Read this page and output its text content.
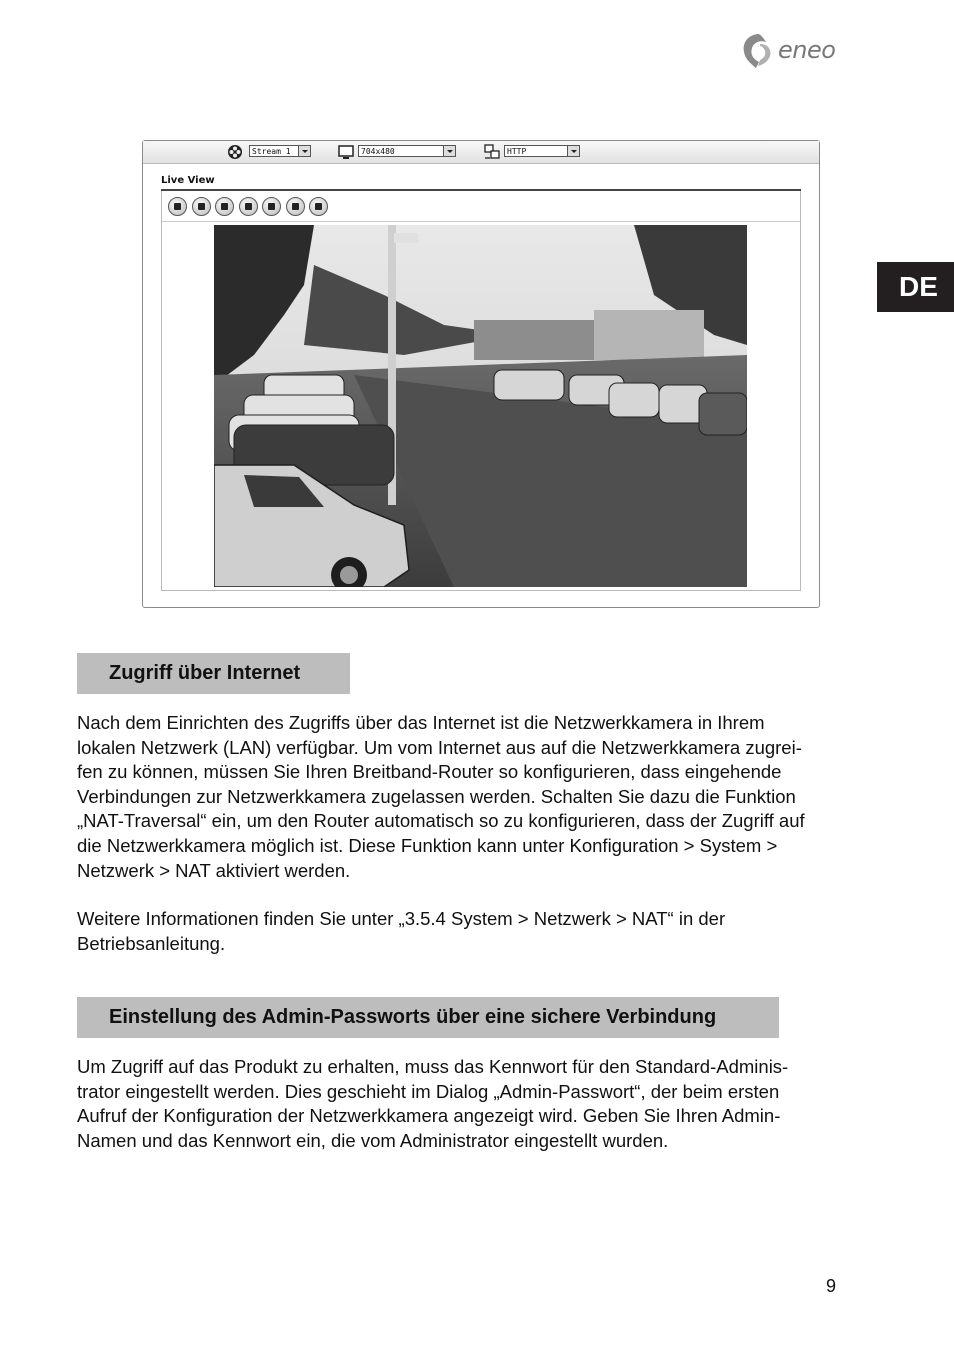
eneo
DE
Stream 1	704x480	HTTP
Live View
Zugriff über Internet
Nach dem Einrichten des Zugriffs über das Internet ist die Netzwerkkamera in Ihrem
lokalen Netzwerk (LAN) verfügbar. Um vom Internet aus auf die Netzwerkkamera zugrei-
fen zu können, müssen Sie Ihren Breitband-Router so konfigurieren, dass eingehende
Verbindungen zur Netzwerkkamera zugelassen werden. Schalten Sie dazu die Funktion
„NAT-Traversal“ ein, um den Router automatisch so zu konfigurieren, dass der Zugriff auf
die Netzwerkkamera möglich ist. Diese Funktion kann unter Konfiguration > System >
Netzwerk > NAT aktiviert werden.
Weitere Informationen finden Sie unter „3.5.4 System > Netzwerk > NAT“ in der
Betriebsanleitung.
Einstellung des Admin-Passworts über eine sichere Verbindung
Um Zugriff auf das Produkt zu erhalten, muss das Kennwort für den Standard-Adminis-
trator eingestellt werden. Dies geschieht im Dialog „Admin-Passwort“, der beim ersten
Aufruf der Konfiguration der Netzwerkkamera angezeigt wird. Geben Sie Ihren Admin-
Namen und das Kennwort ein, die vom Administrator eingestellt wurden.
9
